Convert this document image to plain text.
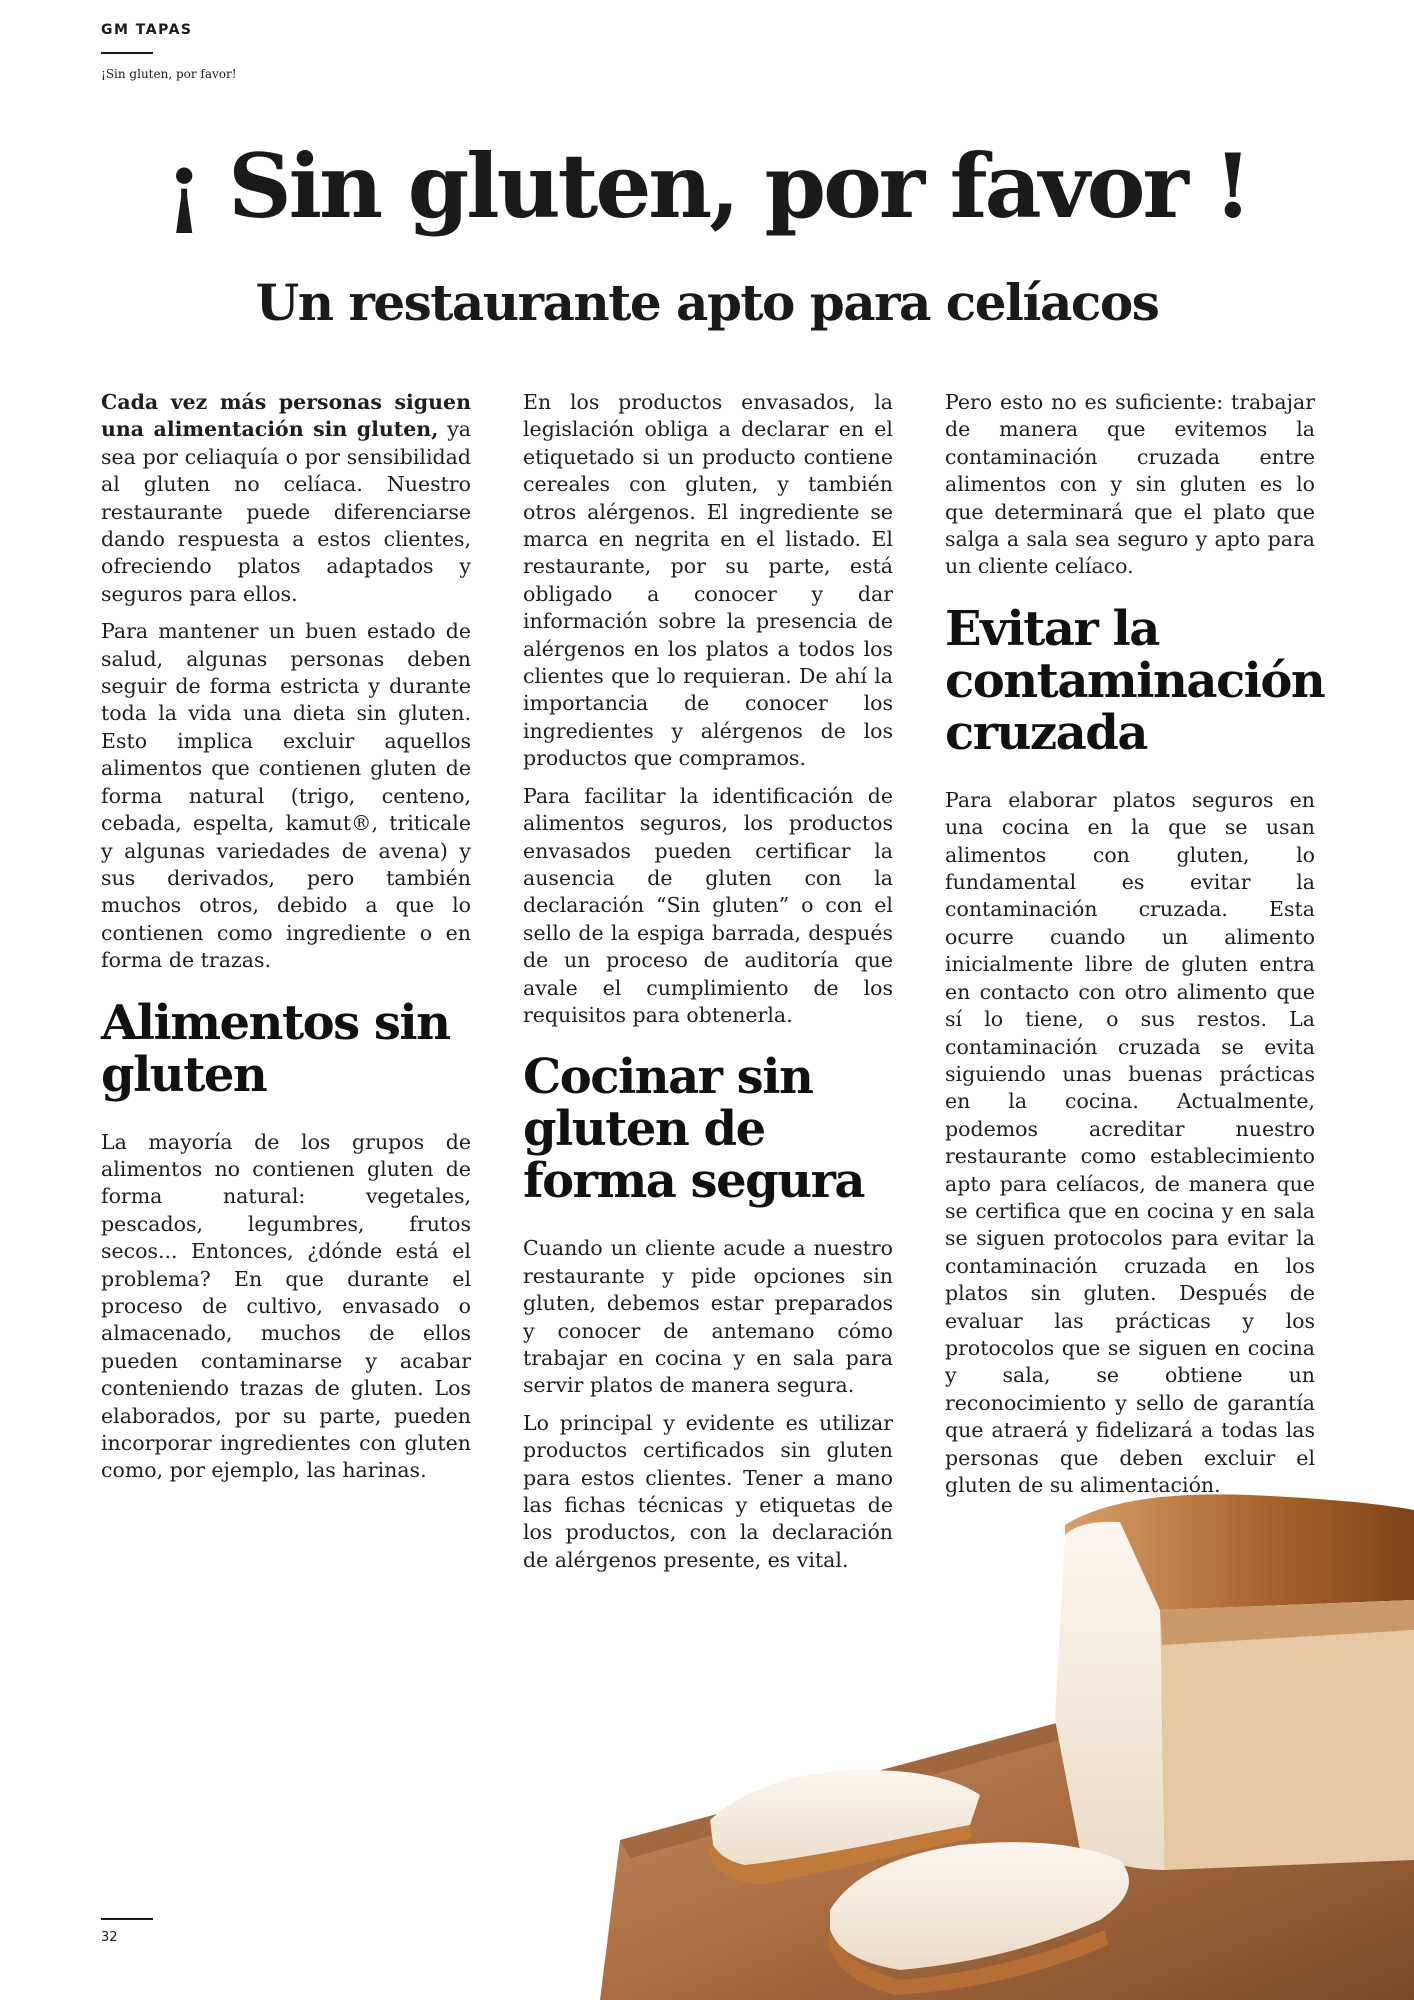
GM TAPAS
¡Sin gluten, por favor!
¡ Sin gluten, por favor !
Un restaurante apto para celíacos

Cada vez más personas siguen una alimentación sin gluten, ya sea por celiaquía o por sensibilidad al gluten no celíaca. Nuestro restaurante puede diferenciarse dando respuesta a estos clientes, ofreciendo platos adaptados y seguros para ellos.

Para mantener un buen estado de salud, algunas personas deben seguir de forma estricta y durante toda la vida una dieta sin gluten. Esto implica excluir aquellos alimentos que contienen gluten de forma natural (trigo, centeno, cebada, espelta, kamut®, triticale y algunas variedades de avena) y sus derivados, pero también muchos otros, debido a que lo contienen como ingrediente o en forma de trazas.

Alimentos sin gluten

La mayoría de los grupos de alimentos no contienen gluten de forma natural: vegetales, pescados, legumbres, frutos secos... Entonces, ¿dónde está el problema? En que durante el proceso de cultivo, envasado o almacenado, muchos de ellos pueden contaminarse y acabar conteniendo trazas de gluten. Los elaborados, por su parte, pueden incorporar ingredientes con gluten como, por ejemplo, las harinas.

En los productos envasados, la legislación obliga a declarar en el etiquetado si un producto contiene cereales con gluten, y también otros alérgenos. El ingrediente se marca en negrita en el listado. El restaurante, por su parte, está obligado a conocer y dar información sobre la presencia de alérgenos en los platos a todos los clientes que lo requieran. De ahí la importancia de conocer los ingredientes y alérgenos de los productos que compramos.

Para facilitar la identificación de alimentos seguros, los productos envasados pueden certificar la ausencia de gluten con la declaración “Sin gluten” o con el sello de la espiga barrada, después de un proceso de auditoría que avale el cumplimiento de los requisitos para obtenerla.

Cocinar sin gluten de forma segura

Cuando un cliente acude a nuestro restaurante y pide opciones sin gluten, debemos estar preparados y conocer de antemano cómo trabajar en cocina y en sala para servir platos de manera segura.

Lo principal y evidente es utilizar productos certificados sin gluten para estos clientes. Tener a mano las fichas técnicas y etiquetas de los productos, con la declaración de alérgenos presente, es vital.

Pero esto no es suficiente: trabajar de manera que evitemos la contaminación cruzada entre alimentos con y sin gluten es lo que determinará que el plato que salga a sala sea seguro y apto para un cliente celíaco.

Evitar la contaminación cruzada

Para elaborar platos seguros en una cocina en la que se usan alimentos con gluten, lo fundamental es evitar la contaminación cruzada. Esta ocurre cuando un alimento inicialmente libre de gluten entra en contacto con otro alimento que sí lo tiene, o sus restos. La contaminación cruzada se evita siguiendo unas buenas prácticas en la cocina. Actualmente, podemos acreditar nuestro restaurante como establecimiento apto para celíacos, de manera que se certifica que en cocina y en sala se siguen protocolos para evitar la contaminación cruzada en los platos sin gluten. Después de evaluar las prácticas y los protocolos que se siguen en cocina y sala, se obtiene un reconocimiento y sello de garantía que atraerá y fidelizará a todas las personas que deben excluir el gluten de su alimentación.

32
